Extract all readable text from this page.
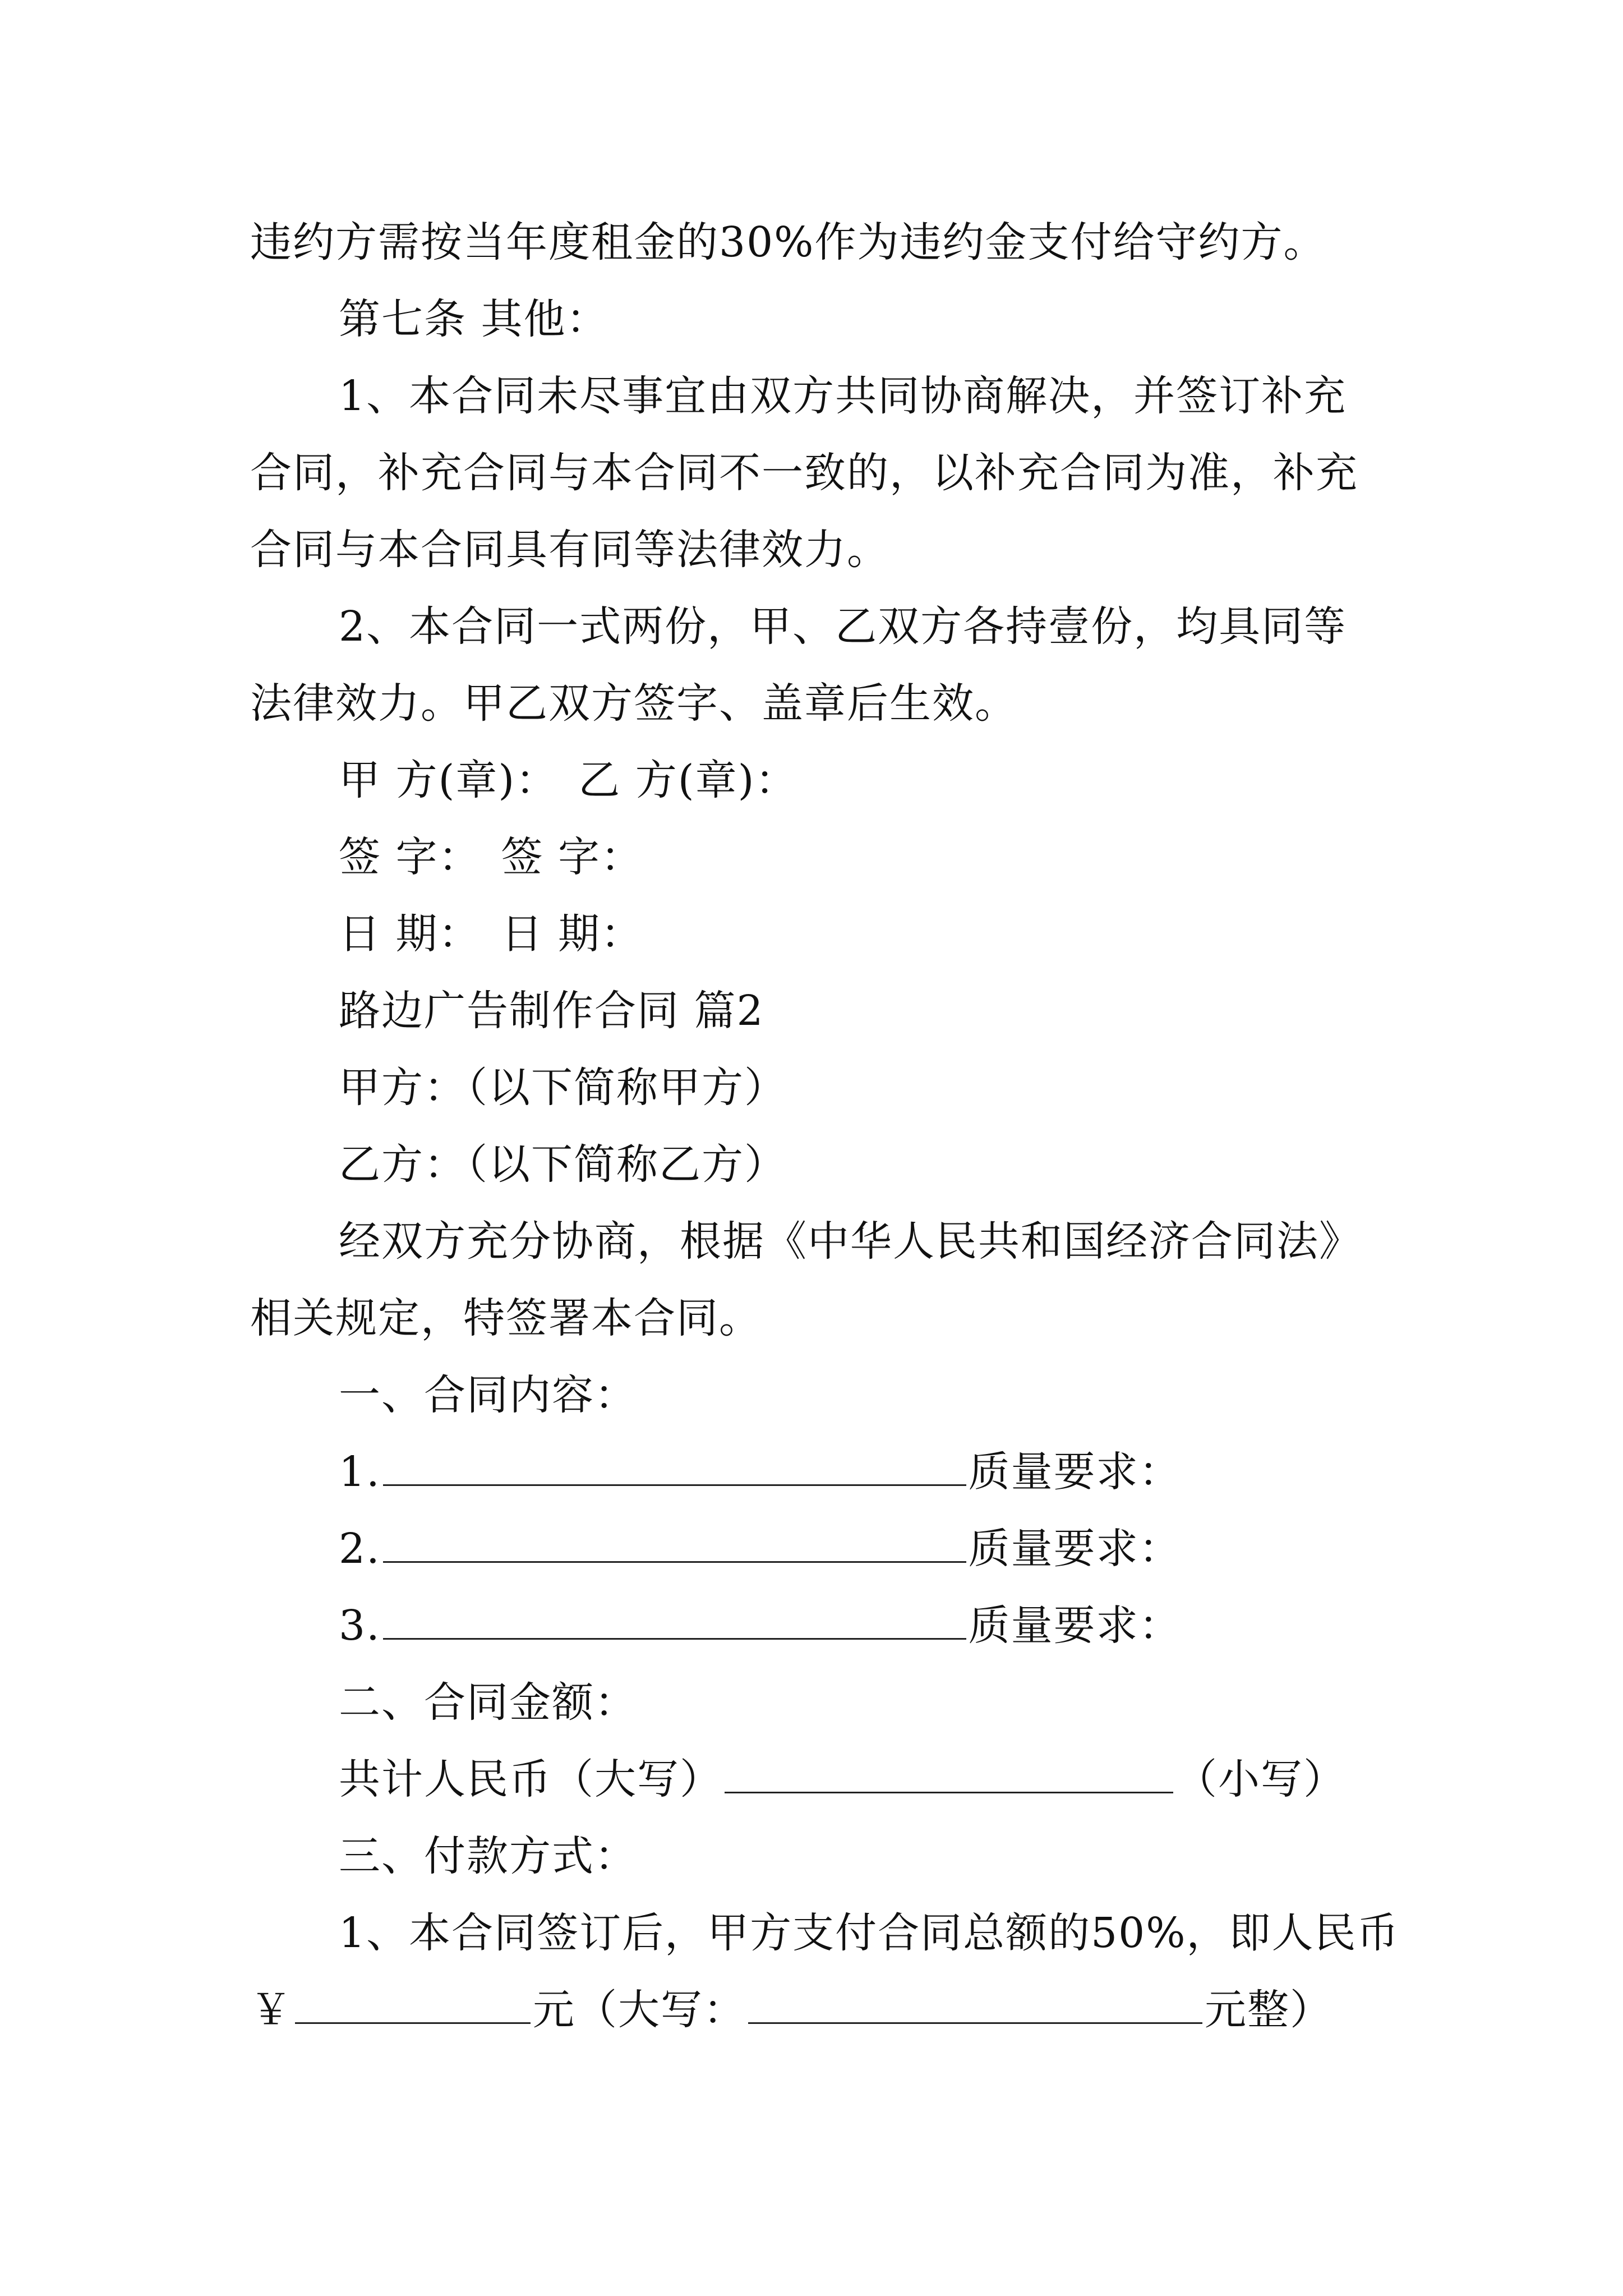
违约方需按当年度租金的30%作为违约金支付给守约方。
第七条 其他：
1、本合同未尽事宜由双方共同协商解决，并签订补充
合同，补充合同与本合同不一致的，以补充合同为准，补充
合同与本合同具有同等法律效力。
2、本合同一式两份，甲、乙双方各持壹份，均具同等
法律效力。甲乙双方签字、盖章后生效。
甲 方(章)： 乙 方(章)：
签 字： 签 字：
日 期： 日 期：
路边广告制作合同 篇2
甲方：（以下简称甲方）
乙方：（以下简称乙方）
经双方充分协商，根据《中华人民共和国经济合同法》
相关规定，特签署本合同。
一、合同内容：
1.	质量要求：
2.	质量要求：
3.	质量要求：
二、合同金额：
共计人民币（大写）	（小写）
三、付款方式：
1、本合同签订后，甲方支付合同总额的50%，即人民币
￥	元（大写：	元整）
